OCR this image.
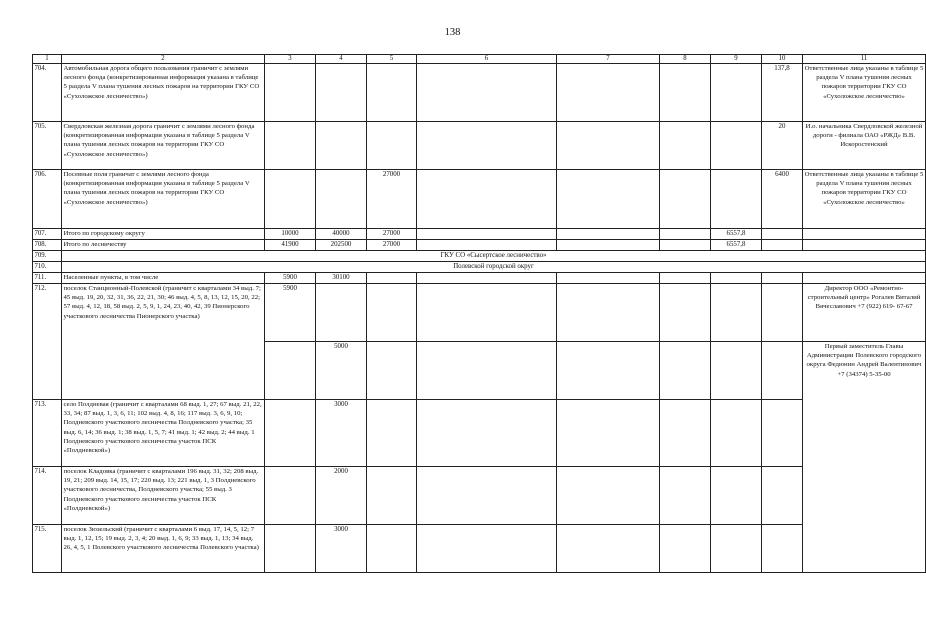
138
1	2	3	4	5	6	7	8	9	10	11
704.	Автомобильная дорога общего пользования граничит с землями лесного фонда (конкретизированная информация указана в таблице 5 раздела V плана тушения лесных пожаров на территории ГКУ СО «Сухоложское лесничество»)								137,8	Ответственные лица указаны в таблице 5 раздела V плана тушения лесных пожаров территории ГКУ СО «Сухоложское лесничество»
705.	Свердловская железная дорога граничит с землями лесного фонда (конкретизированная информация указана в таблице 5 раздела V плана тушения лесных пожаров на территории ГКУ СО «Сухоложское лесничество»)								20	И.о. начальника Свердловской железной дороги - филиала ОАО «РЖД» В.В. Искоростенский
706.	Посевные поля граничат с землями лесного фонда (конкретизированная информация указана в таблице 5 раздела V плана тушения лесных пожаров на территории ГКУ СО «Сухоложское лесничество»)			27000					6400	Ответственные лица указаны в таблице 5 раздела V плана тушения лесных пожаров территории ГКУ СО «Сухоложское лесничество»
707.	Итого по городскому округу	10000	40000	27000				6557,8		
708.	Итого по лесничеству	41900	202500	27000				6557,8		
709.	ГКУ СО «Сысертское лесничество»									
710.	Полевской городской округ									
711.	Населенные пункты, в том числе	5900	30100							
712.	поселок Станционный-Полевской (граничит с кварталами 34 выд. 7; 45 выд. 19, 20, 32, 31, 36, 22, 21, 30; 46 выд. 4, 5, 8, 13, 12, 15, 20, 22; 57 выд. 4, 12, 18, 58 выд. 2, 5, 9, 1, 24, 23, 40, 42, 39 Пионерского участкового лесничества Пионерского участка)	5900								Директор ООО «Ремонтно-строительный центр» Рогалев Виталий Вячеславович +7 (922) 619- 67-67
			5000							Первый заместитель Главы Администрации Полевского городского округа Федюнин Андрей Валентинович +7 (34374) 5-35-00
713.	село Полдневая (граничит с кварталами 68 выд. 1, 27; 67 выд. 21, 22, 33, 34; 87 выд. 1, 3, 6, 11; 102 выд. 4, 8, 16; 117 выд. 3, 6, 9, 10; Полдневского участкового лесничества Полдневского участка; 35 выд. 6, 14; 36 выд. 1; 38 выд. 1, 5, 7; 41 выд. 1; 42 выд. 2; 44 выд. 1 Полдневского участкового лесничества участок ПСК «Полдневской»)		3000							
714.	поселок Кладовка (граничит с кварталами 196 выд. 31, 32; 208 выд. 19, 21; 209 выд. 14, 15, 17; 220 выд. 13; 221 выд. 1, 3 Полдневского участкового лесничества, Полдневского участка; 55 выд. 3 Полдневского участкового лесничества участок ПСК «Полдневской»)		2000							
715.	поселок Зюзельский (граничит с кварталами 6 выд. 17, 14, 5, 12; 7 выд. 1, 12, 15; 19 выд. 2, 3, 4; 20 выд. 1, 6, 9; 33 выд. 1, 13; 34 выд. 26, 4, 5, 1 Полевского участкового лесничества Полевского участка)		3000							
